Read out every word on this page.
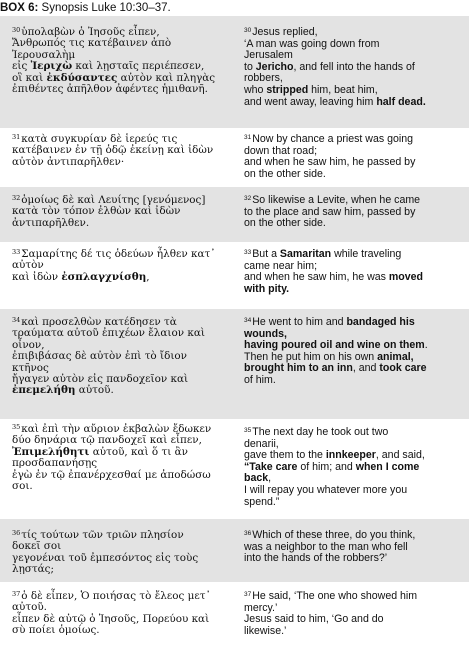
BOX 6: Synopsis Luke 10:30–37.
$^{30}$ὑπολαβὼν ὁ Ἰησοῦς εἶπεν,
Ἄνθρωπός τις κατέβαινεν ἀπὸ
Ἰερουσαλὴμ
εἰς Ἰεριχὼ καὶ λῃσταῖς περιέπεσεν,
οἳ καὶ ἐκδύσαντες αὐτὸν καὶ πληγὰς
ἐπιθέντες ἀπῆλθον ἀφέντες ἡμιθανῆ.
$^{30}$Jesus replied,
‘A man was going down from
Jerusalem
to Jericho, and fell into the hands of
robbers,
who stripped him, beat him,
and went away, leaving him half dead.
$^{31}$κατὰ συγκυρίαν δὲ ἱερεύς τις
κατέβαινεν ἐν τῇ ὁδῷ ἐκείνῃ καὶ ἰδὼν
αὐτὸν ἀντιπαρῆλθεν·
$^{31}$Now by chance a priest was going
down that road;
and when he saw him, he passed by
on the other side.
$^{32}$ὁμοίως δὲ καὶ Λευίτης [γενόμενος]
κατὰ τὸν τόπον ἐλθὼν καὶ ἰδὼν
ἀντιπαρῆλθεν.
$^{32}$So likewise a Levite, when he came
to the place and saw him, passed by
on the other side.
$^{33}$Σαμαρίτης δέ τις ὁδεύων ἦλθεν κατ᾽
αὐτὸν
καὶ ἰδὼν ἐσπλαγχνίσθη,
$^{33}$But a Samaritan while traveling
came near him;
and when he saw him, he was moved
with pity.
$^{34}$καὶ προσελθὼν κατέδησεν τὰ
τραύματα αὐτοῦ ἐπιχέων ἔλαιον καὶ
οἶνον,
ἐπιβιβάσας δὲ αὐτὸν ἐπὶ τὸ ἴδιον
κτῆνος
ἤγαγεν αὐτὸν εἰς πανδοχεῖον καὶ
ἐπεμελήθη αὐτοῦ.
$^{34}$He went to him and bandaged his
wounds,
having poured oil and wine on them.
Then he put him on his own animal,
brought him to an inn, and took care
of him.
$^{35}$καὶ ἐπὶ τὴν αὔριον ἐκβαλὼν ἔδωκεν
δύο δηνάρια τῷ πανδοχεῖ καὶ εἶπεν,
Ἐπιμελήθητι αὐτοῦ, καὶ ὅ τι ἂν
προσδαπανήσῃς
ἐγὼ ἐν τῷ ἐπανέρχεσθαί με ἀποδώσω
σοι.
$^{35}$The next day he took out two
denarii,
gave them to the innkeeper, and said,
“Take care of him; and when I come
back,
I will repay you whatever more you
spend.”
$^{36}$τίς τούτων τῶν τριῶν πλησίον
δοκεῖ σοι
γεγονέναι τοῦ ἐμπεσόντος εἰς τοὺς
λῃστάς;
$^{36}$Which of these three, do you think,
was a neighbor to the man who fell
into the hands of the robbers?’
$^{37}$ὁ δὲ εἶπεν, Ὁ ποιήσας τὸ ἔλεος μετ᾽
αὐτοῦ.
εἶπεν δὲ αὐτῷ ὁ Ἰησοῦς, Πορεύου καὶ
σὺ ποίει ὁμοίως.
$^{37}$He said, ‘The one who showed him
mercy.’
Jesus said to him, ‘Go and do
likewise.’
